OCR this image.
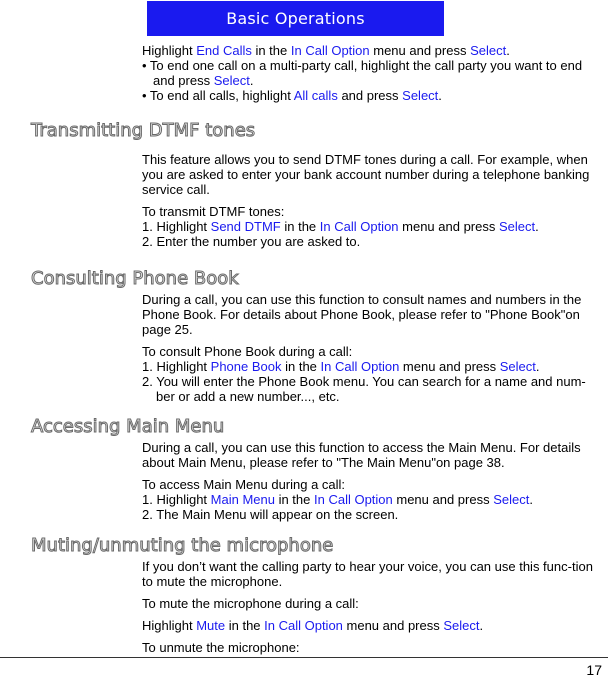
Basic Operations

Highlight End Calls in the In Call Option menu and press Select.

• To end one call on a multi-party call, highlight the call party you want to end and press Select.

• To end all calls, highlight All calls and press Select.

Transmitting DTMF tones

This feature allows you to send DTMF tones during a call. For example, when you are asked to enter your bank account number during a telephone banking service call.

To transmit DTMF tones:

1. Highlight Send DTMF in the In Call Option menu and press Select.

2. Enter the number you are asked to.

Consulting Phone Book

During a call, you can use this function to consult names and numbers in the Phone Book. For details about Phone Book, please refer to "Phone Book"on page 25.

To consult Phone Book during a call:

1. Highlight Phone Book in the In Call Option menu and press Select.

2. You will enter the Phone Book menu. You can search for a name and num-ber or add a new number..., etc.

Accessing Main Menu

During a call, you can use this function to access the Main Menu. For details about Main Menu, please refer to "The Main Menu"on page 38.

To access Main Menu during a call:

1. Highlight Main Menu in the In Call Option menu and press Select.

2. The Main Menu will appear on the screen.

Muting/unmuting the microphone

If you don’t want the calling party to hear your voice, you can use this func-tion to mute the microphone.

To mute the microphone during a call:

Highlight Mute in the In Call Option menu and press Select.

To unmute the microphone:

17
